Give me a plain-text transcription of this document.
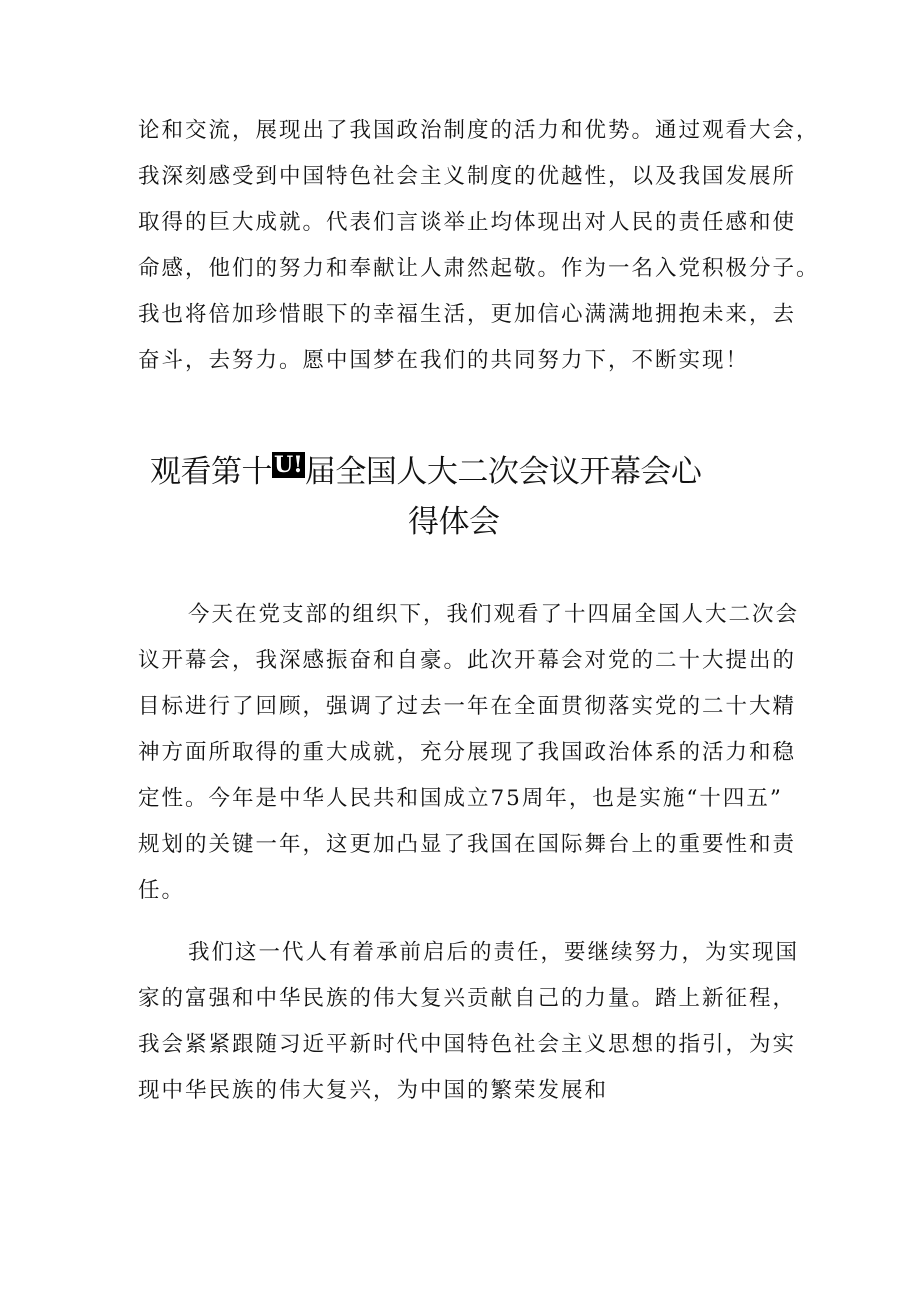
论和交流，展现出了我国政治制度的活力和优势。通过观看大会，
我深刻感受到中国特色社会主义制度的优越性，以及我国发展所
取得的巨大成就。代表们言谈举止均体现出对人民的责任感和使
命感，他们的努力和奉献让人肃然起敬。作为一名入党积极分子。
我也将倍加珍惜眼下的幸福生活，更加信心满满地拥抱未来，去
奋斗，去努力。愿中国梦在我们的共同努力下，不断实现！
观看第十U!届全国人大二次会议开幕会心
得体会
今天在党支部的组织下，我们观看了十四届全国人大二次会
议开幕会，我深感振奋和自豪。此次开幕会对党的二十大提出的
目标进行了回顾，强调了过去一年在全面贯彻落实党的二十大精
神方面所取得的重大成就，充分展现了我国政治体系的活力和稳
定性。今年是中华人民共和国成立75周年，也是实施“十四五”
规划的关键一年，这更加凸显了我国在国际舞台上的重要性和责
任。
我们这一代人有着承前启后的责任，要继续努力，为实现国
家的富强和中华民族的伟大复兴贡献自己的力量。踏上新征程，
我会紧紧跟随习近平新时代中国特色社会主义思想的指引，为实
现中华民族的伟大复兴，为中国的繁荣发展和
